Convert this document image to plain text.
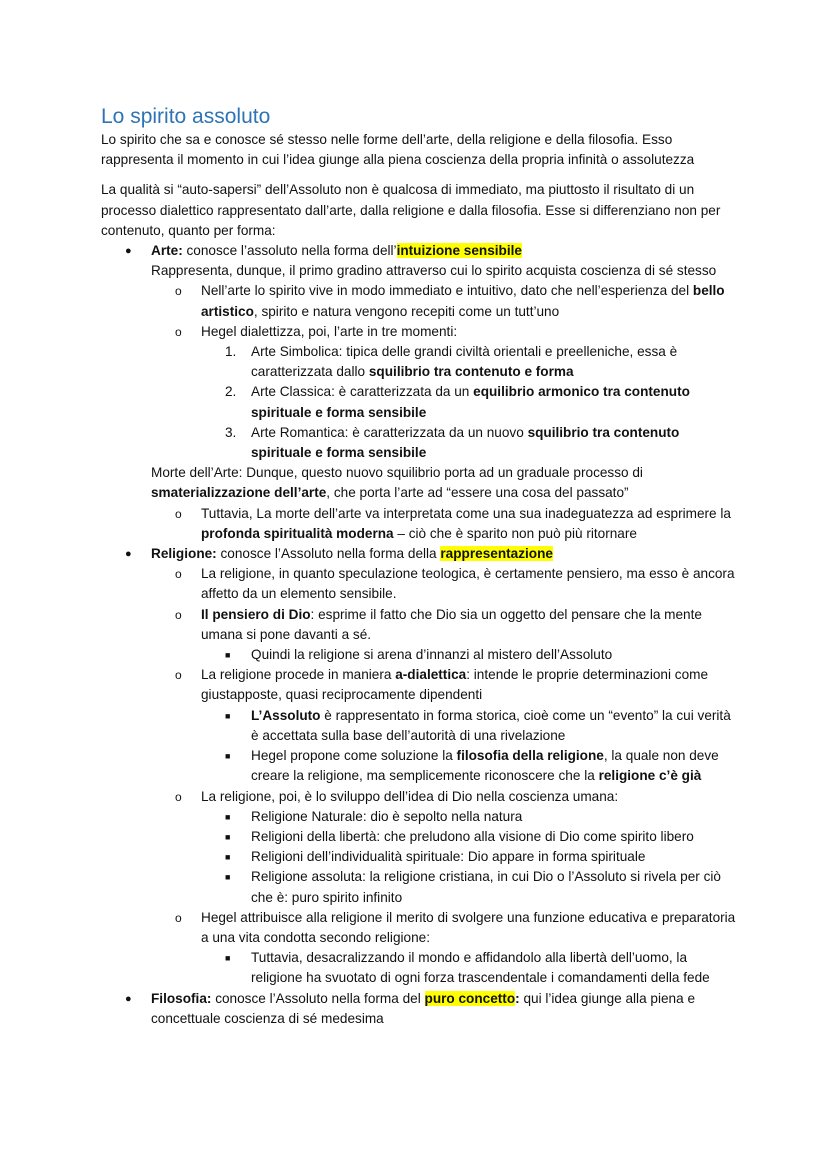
Lo spirito assoluto

Lo spirito che sa e conosce sé stesso nelle forme dell’arte, della religione e della filosofia. Esso rappresenta il momento in cui l’idea giunge alla piena coscienza della propria infinità o assolutezza

La qualità si “auto-sapersi” dell’Assoluto non è qualcosa di immediato, ma piuttosto il risultato di un processo dialettico rappresentato dall’arte, dalla religione e dalla filosofia. Esse si differenziano non per contenuto, quanto per forma:

● Arte: conosce l’assoluto nella forma dell’intuizione sensibile
Rappresenta, dunque, il primo gradino attraverso cui lo spirito acquista coscienza di sé stesso
o Nell’arte lo spirito vive in modo immediato e intuitivo, dato che nell’esperienza del bello artistico, spirito e natura vengono recepiti come un tutt’uno
o Hegel dialettizza, poi, l’arte in tre momenti:
1. Arte Simbolica: tipica delle grandi civiltà orientali e preelleniche, essa è caratterizzata dallo squilibrio tra contenuto e forma
2. Arte Classica: è caratterizzata da un equilibrio armonico tra contenuto spirituale e forma sensibile
3. Arte Romantica: è caratterizzata da un nuovo squilibrio tra contenuto spirituale e forma sensibile
Morte dell’Arte: Dunque, questo nuovo squilibrio porta ad un graduale processo di smaterializzazione dell’arte, che porta l’arte ad “essere una cosa del passato”
o Tuttavia, La morte dell’arte va interpretata come una sua inadeguatezza ad esprimere la profonda spiritualità moderna – ciò che è sparito non può più ritornare
● Religione: conosce l’Assoluto nella forma della rappresentazione
o La religione, in quanto speculazione teologica, è certamente pensiero, ma esso è ancora affetto da un elemento sensibile.
o Il pensiero di Dio: esprime il fatto che Dio sia un oggetto del pensare che la mente umana si pone davanti a sé.
■ Quindi la religione si arena d’innanzi al mistero dell’Assoluto
o La religione procede in maniera a-dialettica: intende le proprie determinazioni come giustapposte, quasi reciprocamente dipendenti
■ L’Assoluto è rappresentato in forma storica, cioè come un “evento” la cui verità è accettata sulla base dell’autorità di una rivelazione
■ Hegel propone come soluzione la filosofia della religione, la quale non deve creare la religione, ma semplicemente riconoscere che la religione c’è già
o La religione, poi, è lo sviluppo dell’idea di Dio nella coscienza umana:
■ Religione Naturale: dio è sepolto nella natura
■ Religioni della libertà: che preludono alla visione di Dio come spirito libero
■ Religioni dell’individualità spirituale: Dio appare in forma spirituale
■ Religione assoluta: la religione cristiana, in cui Dio o l’Assoluto si rivela per ciò che è: puro spirito infinito
o Hegel attribuisce alla religione il merito di svolgere una funzione educativa e preparatoria a una vita condotta secondo religione:
■ Tuttavia, desacralizzando il mondo e affidandolo alla libertà dell’uomo, la religione ha svuotato di ogni forza trascendentale i comandamenti della fede
● Filosofia: conosce l’Assoluto nella forma del puro concetto: qui l’idea giunge alla piena e concettuale coscienza di sé medesima
